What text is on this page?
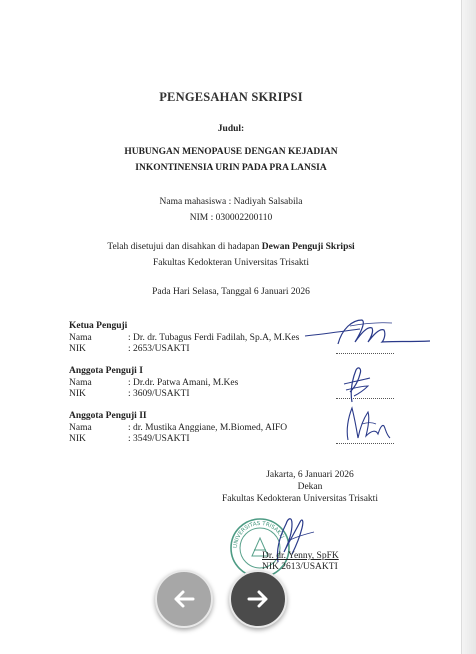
PENGESAHAN SKRIPSI
Judul:
HUBUNGAN MENOPAUSE DENGAN KEJADIAN
INKONTINENSIA URIN PADA PRA LANSIA
Nama mahasiswa : Nadiyah Salsabila
NIM : 030002200110
Telah disetujui dan disahkan di hadapan Dewan Penguji Skripsi
Fakultas Kedokteran Universitas Trisakti
Pada Hari Selasa, Tanggal 6 Januari 2026
Ketua Penguji
Nama	: Dr. dr. Tubagus Ferdi Fadilah, Sp.A, M.Kes
NIK	: 2653/USAKTI
Anggota Penguji I
Nama	: Dr.dr. Patwa Amani, M.Kes
NIK	: 3609/USAKTI
Anggota Penguji II
Nama	: dr. Mustika Anggiane, M.Biomed, AIFO
NIK	: 3549/USAKTI
Jakarta, 6 Januari 2026
Dekan
Fakultas Kedokteran Universitas Trisakti
UNIVERSITAS TRISAKTI
Dr. dr. Yenny, SpFK
NIK 2613/USAKTI
